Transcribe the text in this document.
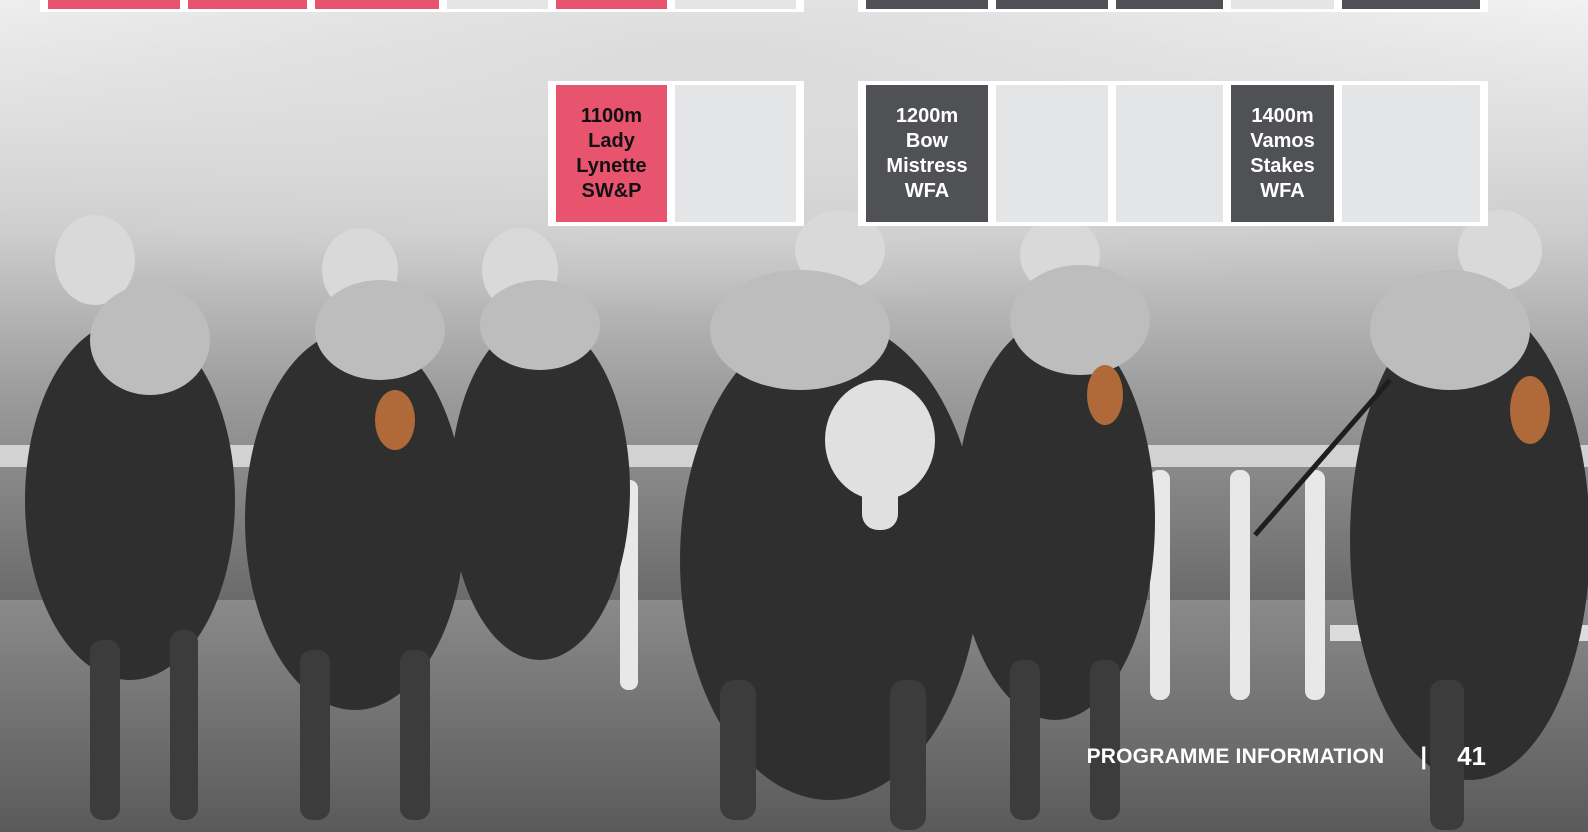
1100m
Lady
Lynette
SW&P
1200m
Bow
Mistress
WFA
1400m
Vamos
Stakes
WFA
PROGRAMME INFORMATION | 41
